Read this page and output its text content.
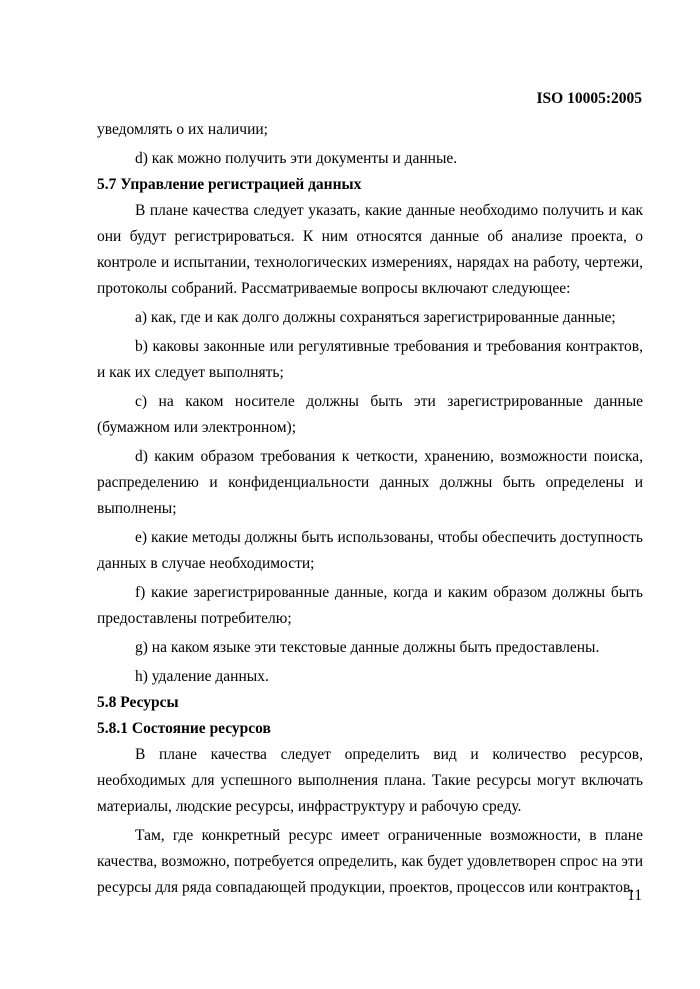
ISO 10005:2005

уведомлять о их наличии;

d) как можно получить эти документы и данные.

5.7 Управление регистрацией данных

В плане качества следует указать, какие данные необходимо получить и как они будут регистрироваться. К ним относятся данные об анализе проекта, о контроле и испытании, технологических измерениях, нарядах на работу, чертежи, протоколы собраний. Рассматриваемые вопросы включают следующее:

a) как, где и как долго должны сохраняться зарегистрированные данные;

b) каковы законные или регулятивные требования и требования контрактов, и как их следует выполнять;

c) на каком носителе должны быть эти зарегистрированные данные (бумажном или электронном);

d) каким образом требования к четкости, хранению, возможности поиска, распределению и конфиденциальности данных должны быть определены и выполнены;

e) какие методы должны быть использованы, чтобы обеспечить доступность данных в случае необходимости;

f) какие зарегистрированные данные, когда и каким образом должны быть предоставлены потребителю;

g) на каком языке эти текстовые данные должны быть предоставлены.

h) удаление данных.

5.8 Ресурсы

5.8.1 Состояние ресурсов

В плане качества следует определить вид и количество ресурсов, необходимых для успешного выполнения плана. Такие ресурсы могут включать материалы, людские ресурсы, инфраструктуру и рабочую среду.

Там, где конкретный ресурс имеет ограниченные возможности, в плане качества, возможно, потребуется определить, как будет удовлетворен спрос на эти ресурсы для ряда совпадающей продукции, проектов, процессов или контрактов.

11
